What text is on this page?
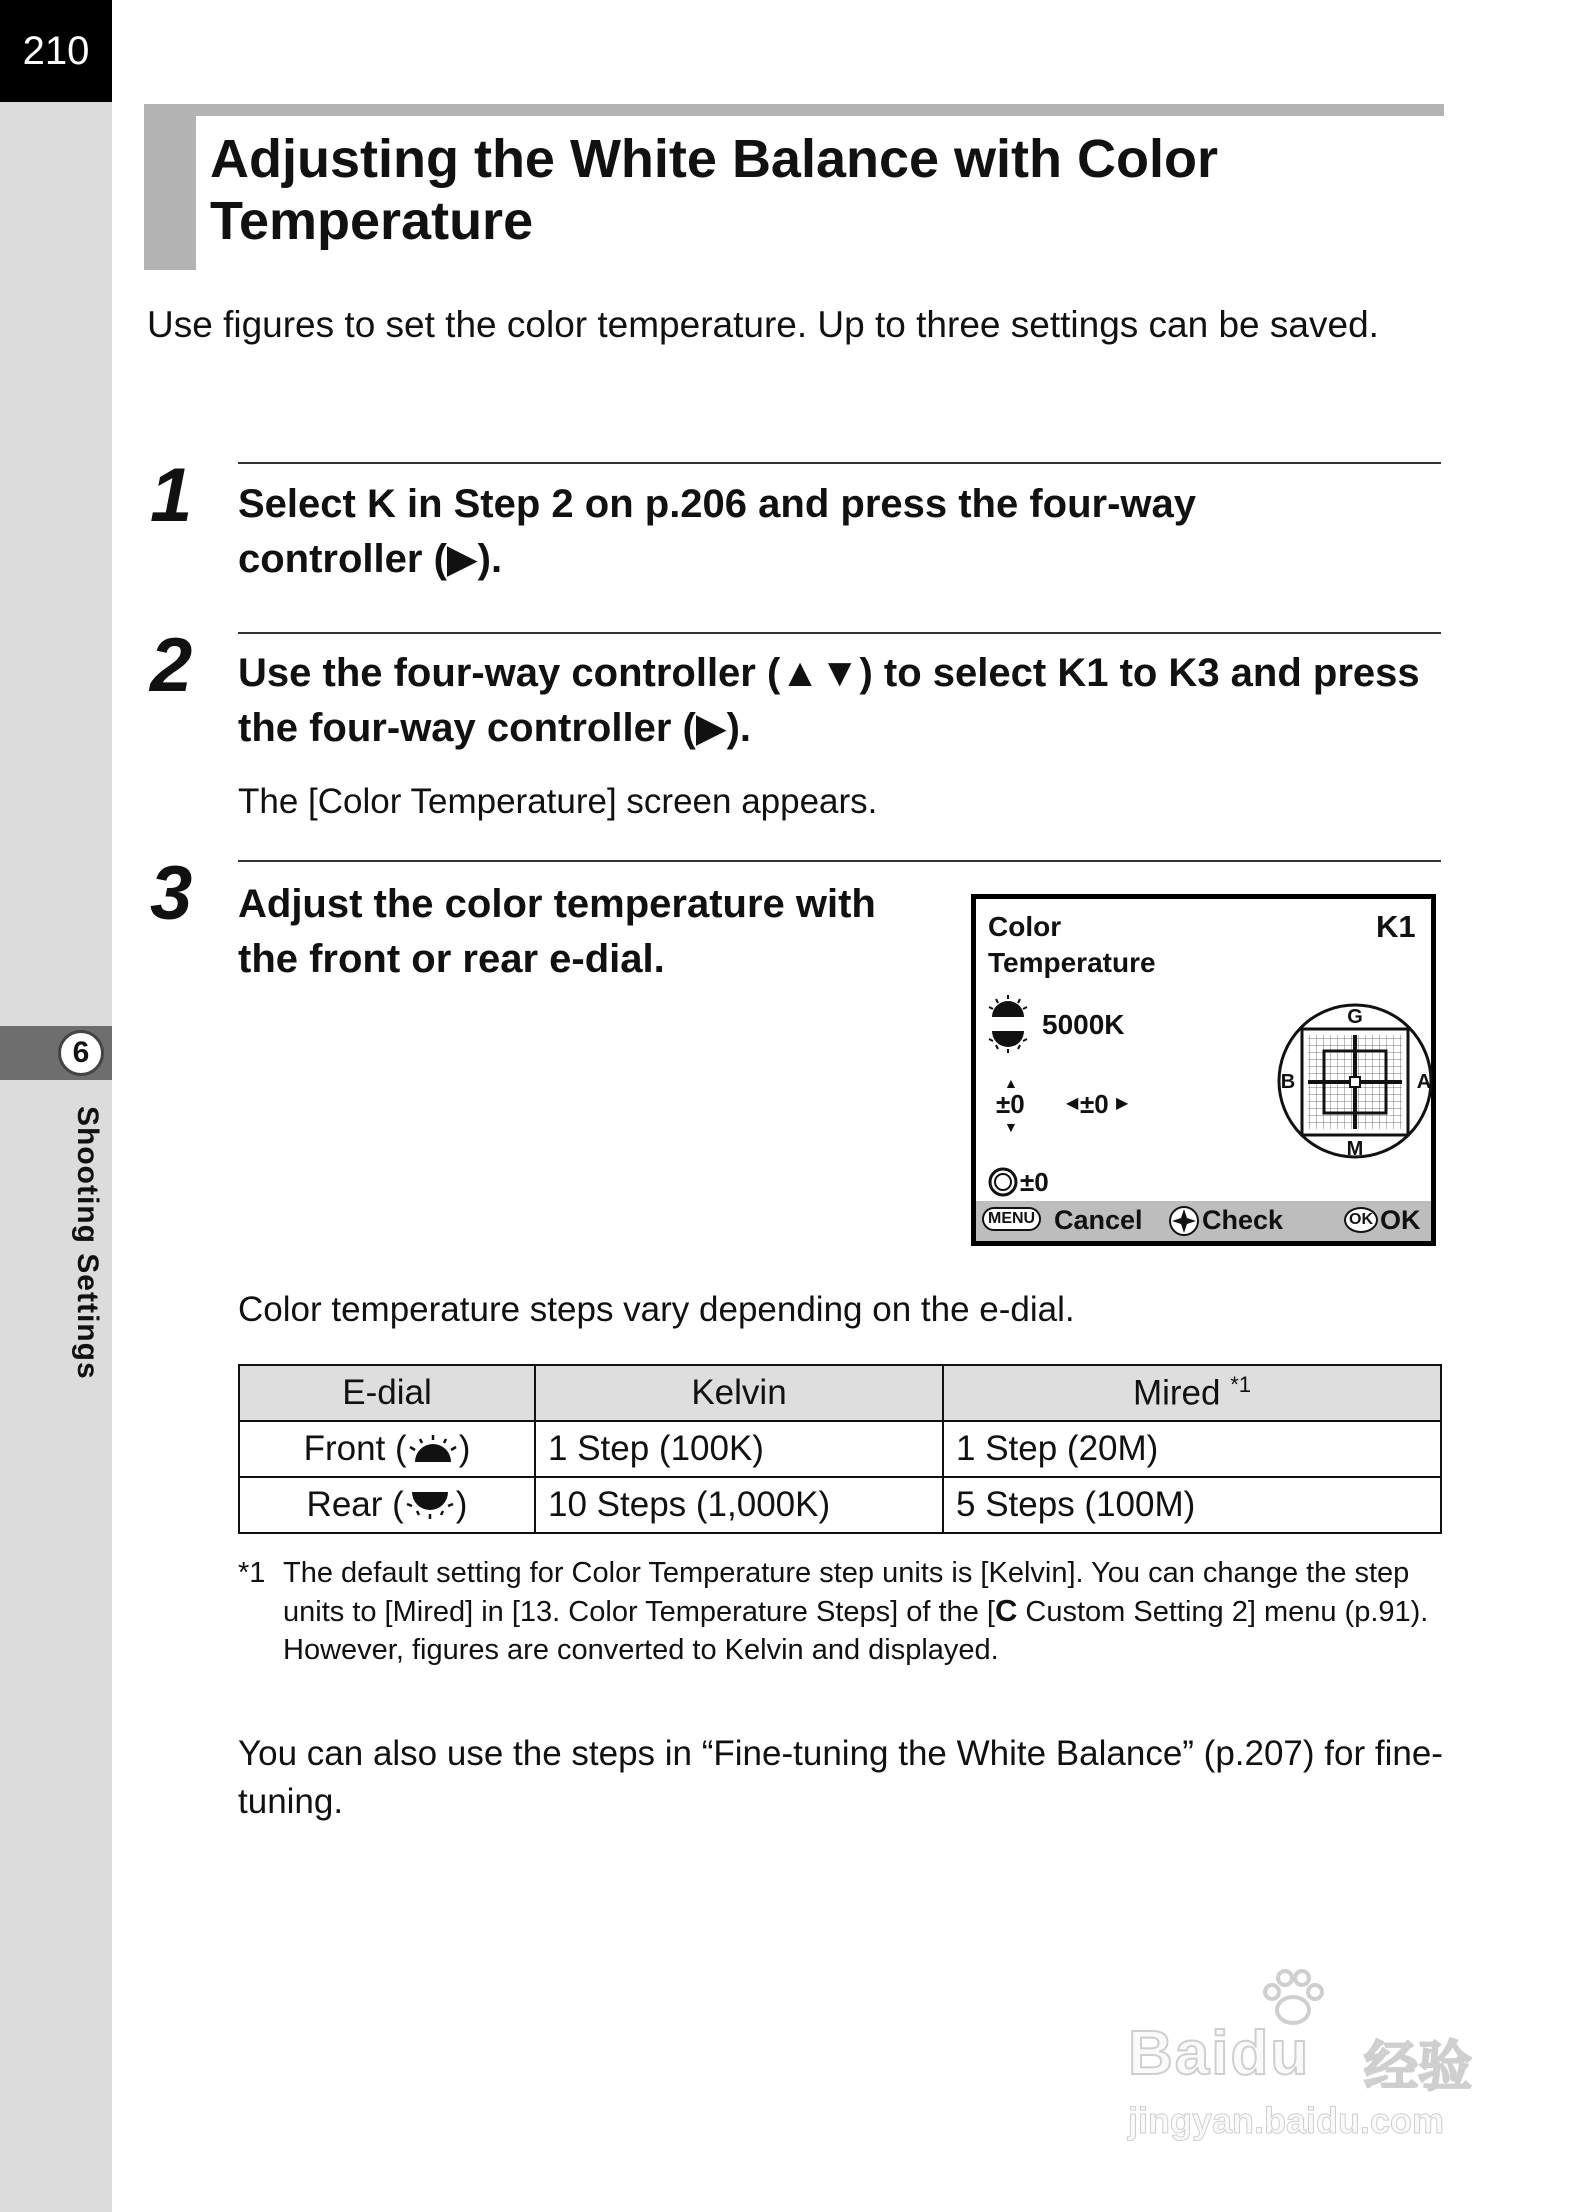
210
6
Shooting Settings
Adjusting the White Balance with Color Temperature

Use figures to set the color temperature. Up to three settings can be saved.

1 Select K in Step 2 on p.206 and press the four-way controller (▶).

2 Use the four-way controller (▲▼) to select K1 to K3 and press the four-way controller (▶).

The [Color Temperature] screen appears.

3 Adjust the color temperature with the front or rear e-dial.

Color
Temperature
K1
5000K
▲
±0
▼
◀ ±0 ▶
±0
G
M
B	A
MENU Cancel Check	OK OK

Color temperature steps vary depending on the e-dial.

E-dial	Kelvin	Mired $^{*1}$
Front ( )	1 Step (100K)	1 Step (20M)
Rear ( )	10 Steps (1,000K)	5 Steps (100M)
*1 The default setting for Color Temperature step units is [Kelvin]. You can change the step units to [Mired] in [13. Color Temperature Steps] of the [C Custom Setting 2] menu (p.91). However, figures are converted to Kelvin and displayed.

You can also use the steps in “Fine-tuning the White Balance” (p.207) for fine-tuning.

Baidu 经验
jingyan.baidu.com
